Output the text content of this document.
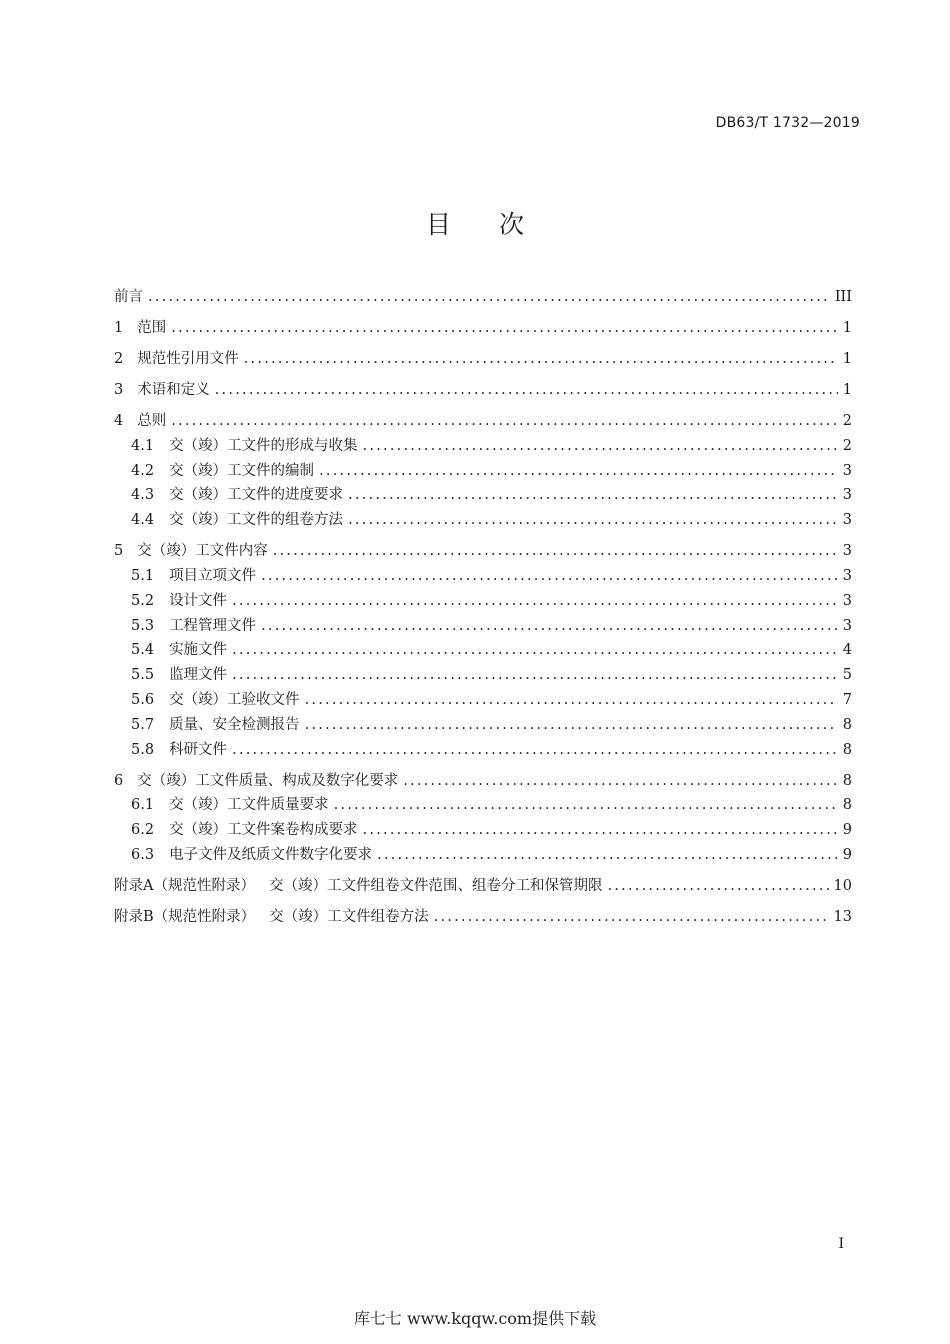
DB63/T 1732—2019
目 次
前言 . . .	III
1 范围 . . .	1
2 规范性引用文件 . . .	1
3 术语和定义 . . .	1
4 总则 . . .	2
4.1	交（竣）工文件的形成与收集 . . .	2
4.2	交（竣）工文件的编制 . . .	3
4.3	交（竣）工文件的进度要求 . . .	3
4.4	交（竣）工文件的组卷方法 . . .	3
5 交（竣）工文件内容 . . .	3
5.1	项目立项文件 . . .	3
5.2	设计文件 . . .	3
5.3	工程管理文件 . . .	3
5.4	实施文件 . . .	4
5.5	监理文件 . . .	5
5.6	交（竣）工验收文件 . . .	7
5.7	质量、安全检测报告 . . .	8
5.8	科研文件 . . .	8
6 交（竣）工文件质量、构成及数字化要求 . . .	8
6.1	交（竣）工文件质量要求 . . .	8
6.2	交（竣）工文件案卷构成要求 . . .	9
6.3	电子文件及纸质文件数字化要求 . . .	9
附录A（规范性附录） 交（竣）工文件组卷文件范围、组卷分工和保管期限 . . .	10
附录B（规范性附录） 交（竣）工文件组卷方法 . . .	13
I
库七七 www.kqqw.com提供下载
